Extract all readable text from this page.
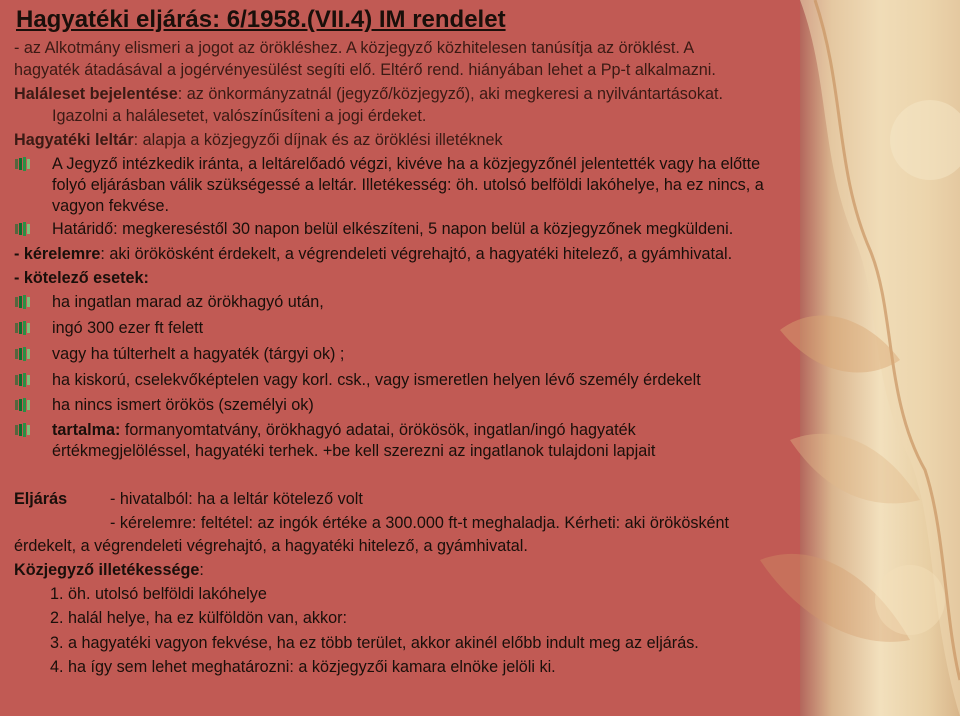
Hagyatéki eljárás: 6/1958.(VII.4) IM rendelet
- az Alkotmány elismeri a jogot az örökléshez. A közjegyző közhitelesen tanúsítja az öröklést. A
hagyaték átadásával a jogérvényesülést segíti elő. Eltérő rend. hiányában lehet a Pp-t alkalmazni.
Haláleset bejelentése: az önkormányzatnál (jegyző/közjegyző), aki megkeresi a nyilvántartásokat.
Igazolni a halálesetet, valószínűsíteni a jogi érdeket.
Hagyatéki leltár: alapja a közjegyzői díjnak és az öröklési illetéknek
A Jegyző intézkedik iránta, a leltárelőadó végzi, kivéve ha a közjegyzőnél jelentették vagy ha előtte
folyó eljárásban válik szükségessé a leltár. Illetékesség: öh. utolsó belföldi lakóhelye, ha ez nincs, a
vagyon fekvése.
Határidő: megkereséstől 30 napon belül elkészíteni, 5 napon belül a közjegyzőnek megküldeni.
- kérelemre: aki örökösként érdekelt, a végrendeleti végrehajtó, a hagyatéki hitelező, a gyámhivatal.
- kötelező esetek:
ha ingatlan marad az örökhagyó után,
ingó 300 ezer ft felett
vagy ha túlterhelt a hagyaték (tárgyi ok) ;
ha kiskorú, cselekvőképtelen vagy korl. csk., vagy ismeretlen helyen lévő személy érdekelt
ha nincs ismert örökös (személyi ok)
tartalma: formanyomtatvány, örökhagyó adatai, örökösök, ingatlan/ingó hagyaték
értékmegjelöléssel, hagyatéki terhek. +be kell szerezni az ingatlanok tulajdoni lapjait
Eljárás	- hivatalból: ha a leltár kötelező volt
- kérelemre: feltétel: az ingók értéke a 300.000 ft-t meghaladja. Kérheti: aki örökösként
érdekelt, a végrendeleti végrehajtó, a hagyatéki hitelező, a gyámhivatal.
Közjegyző illetékessége:
1. öh. utolsó belföldi lakóhelye
2. halál helye, ha ez külföldön van, akkor:
3. a hagyatéki vagyon fekvése, ha ez több terület, akkor akinél előbb indult meg az eljárás.
4. ha így sem lehet meghatározni: a közjegyzői kamara elnöke jelöli ki.
